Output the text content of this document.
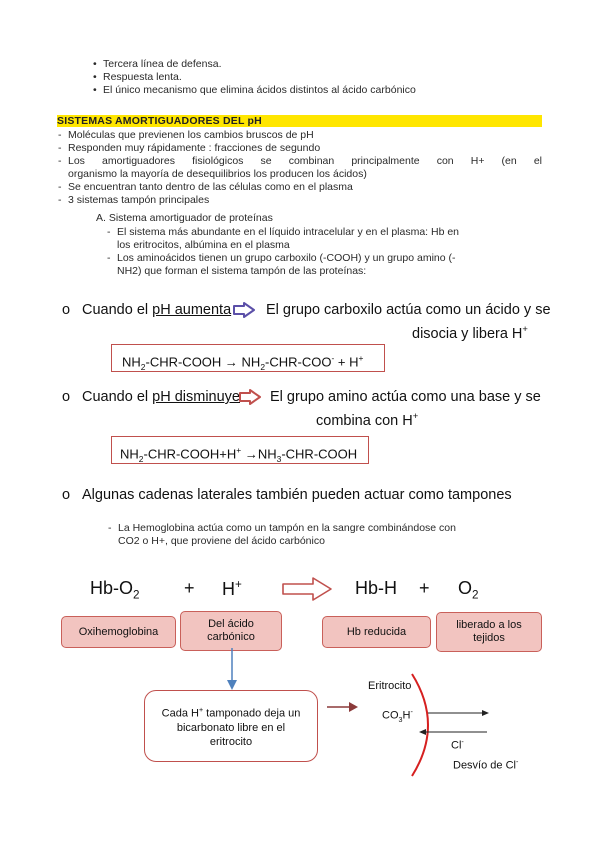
• Tercera línea de defensa.
• Respuesta lenta.
• El único mecanismo que elimina ácidos distintos al ácido carbónico
SISTEMAS AMORTIGUADORES DEL pH
- Moléculas que previenen los cambios bruscos de pH
- Responden muy rápidamente : fracciones de segundo
- Los amortiguadores fisiológicos se combinan principalmente con H+ (en el
organismo la mayoría de desequilibrios los producen los ácidos)
- Se encuentran tanto dentro de las células como en el plasma
- 3 sistemas tampón principales
A. Sistema amortiguador de proteínas
- El sistema más abundante en el líquido intracelular y en el plasma: Hb en
los eritrocitos, albúmina en el plasma
- Los aminoácidos tienen un grupo carboxilo (-COOH) y un grupo amino (-
NH2) que forman el sistema tampón de las proteínas:
o Cuando el pH aumenta El grupo carboxilo actúa como un ácido y se
disocia y libera H+
$NH_2-CHR$-COOH → $NH_2-CHR-COO^- + H^+$
o Cuando el pH disminuye El grupo amino actúa como una base y se
combina con H+
$NH_2-CHR-COOH+H^+$ $\to NH_3-CHR$-COOH
o Algunas cadenas laterales también pueden actuar como tampones
- La Hemoglobina actúa como un tampón en la sangre combinándose con
CO2 o H+, que proviene del ácido carbónico
$Hb-O_2 + H^+ \to Hb-H + O_2$
Oxihemoglobina
Del ácido
carbónico	Hb reducida
liberado a los
tejidos
Cada H+ tamponado deja un
bicarbonato libre en el
eritrocito
Eritrocito
$CO_3H^-$
Cl-
Desvío de Cl-
